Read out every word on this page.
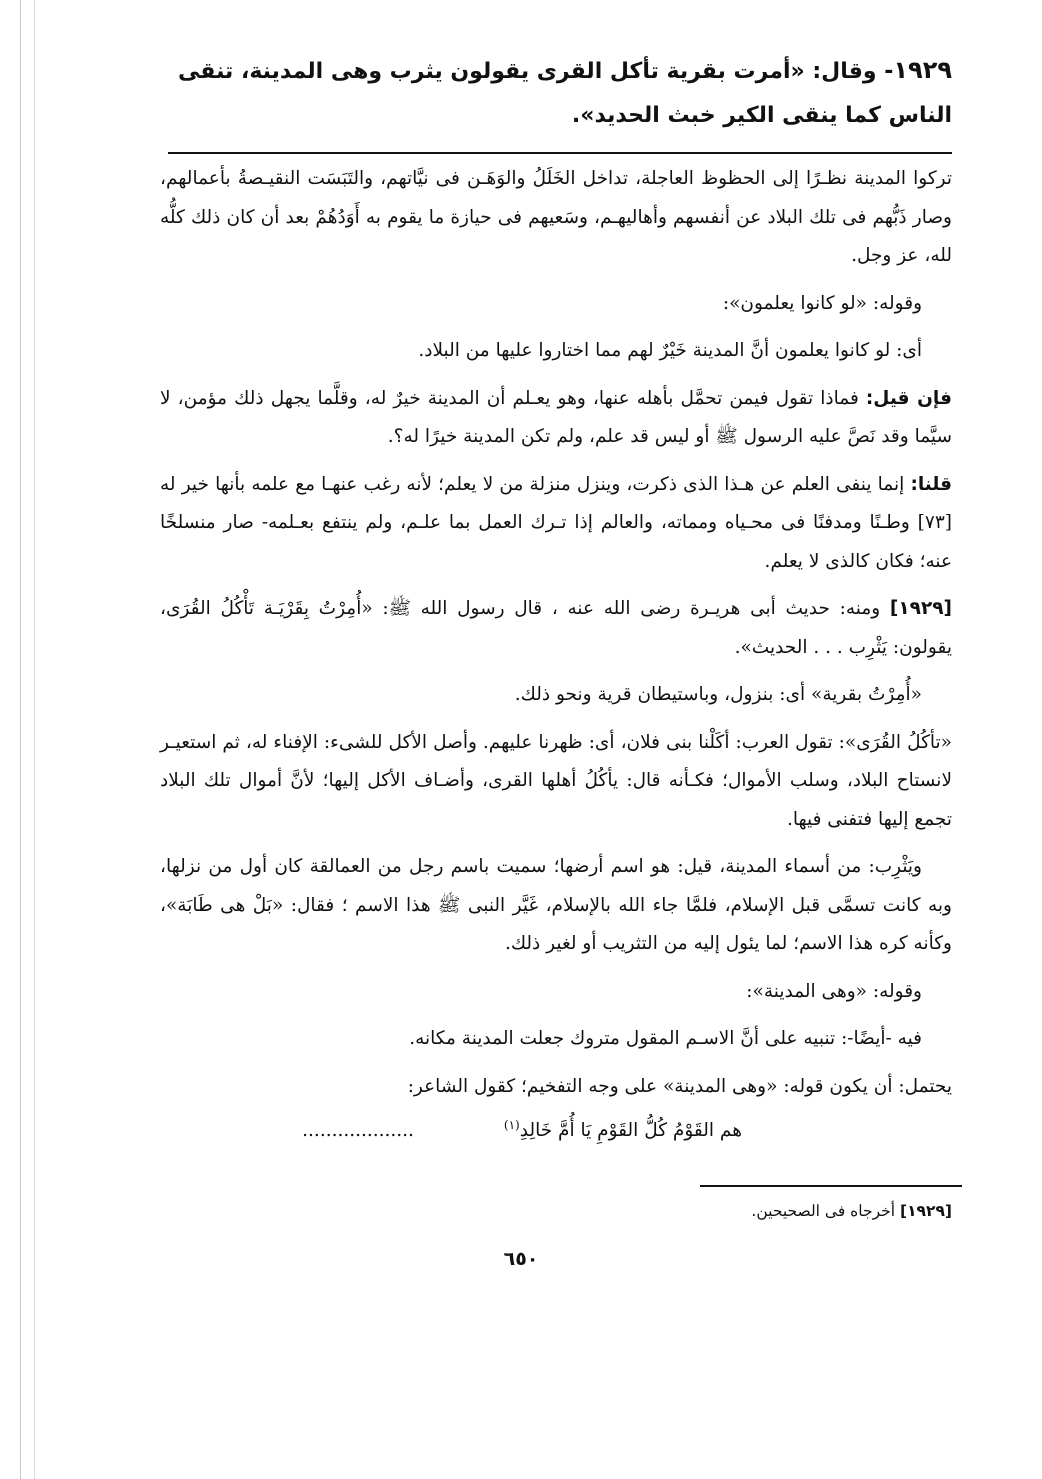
١٩٢٩- وقال: «أمرت بقرية تأكل القرى يقولون يثرب وهى المدينة، تنقى الناس كما ينقى الكير خبث الحديد».

تركوا المدينة نظـرًا إلى الحظوظ العاجلة، تداخل الخَلَلُ والوَهَـن فى نيَّاتهم، والتَبَسَت النقيـصةُ بأعمالهم، وصار ذَبُّهم فى تلك البلاد عن أنفسهم وأهاليهـم، وسَعيهم فى حيازة ما يقوم به أَوَدُهُمْ بعد أن كان ذلك كلُّه لله، عز وجل.

وقوله: «لو كانوا يعلمون»:

أى: لو كانوا يعلمون أنَّ المدينة خَيْرٌ لهم مما اختاروا عليها من البلاد.

فإن قيل: فماذا تقول فيمن تحمَّل بأهله عنها، وهو يعـلم أن المدينة خيرٌ له، وقلَّما يجهل ذلك مؤمن، لا سيَّما وقد نَصَّ عليه الرسول ﷺ أو ليس قد علم، ولم تكن المدينة خيرًا له؟.

قلنا: إنما ينفى العلم عن هـذا الذى ذكرت، وينزل منزلة من لا يعلم؛ لأنه رغب عنهـا مع علمه بأنها خير له [٧٣] وطـنًا ومدفنًا فى محـياه ومماته، والعالم إذا تـرك العمل بما علـم، ولم ينتفع بعـلمه- صار منسلخًا عنه؛ فكان كالذى لا يعلم.

[١٩٢٩] ومنه: حديث أبى هريـرة رضى الله عنه ، قال رسول الله ﷺ: «أُمِرْتُ بِقَرْيَـة تَأْكُلُ القُرَى، يقولون: يَثْرِب . . . الحديث».

«أُمِرْتُ بقرية» أى: بنزول، وباستيطان قرية ونحو ذلك.

«تأكُلُ القُرَى»: تقول العرب: أكَلْنا بنى فلان، أى: ظهرنا عليهم. وأصل الأكل للشىء: الإفناء له، ثم استعيـر لانستاح البلاد، وسلب الأموال؛ فكـأنه قال: يأكُلُ أهلها القرى، وأضـاف الأكل إليها؛ لأنَّ أموال تلك البلاد تجمع إليها فتفنى فيها.

ويَثْرِب: من أسماء المدينة، قيل: هو اسم أرضها؛ سميت باسم رجل من العمالقة كان أول من نزلها، وبه كانت تسمَّى قبل الإسلام، فلمَّا جاء الله بالإسلام، غَيَّر النبى ﷺ هذا الاسم ؛ فقال: «بَلْ هى طَابَة»، وكأنه كره هذا الاسم؛ لما يئول إليه من التثريب أو لغير ذلك.

وقوله: «وهى المدينة»:

فيه -أيضًا-: تنبيه على أنَّ الاسـم المقول متروك جعلت المدينة مكانه.

يحتمل: أن يكون قوله: «وهى المدينة» على وجه التفخيم؛ كقول الشاعر:

هم القَوْمُ كُلُّ القَوْمِ يَا أُمَّ خَالِدِ$^{(١)}$...................
[١٩٢٩] أخرجاه فى الصحيحين.
٦٥٠
